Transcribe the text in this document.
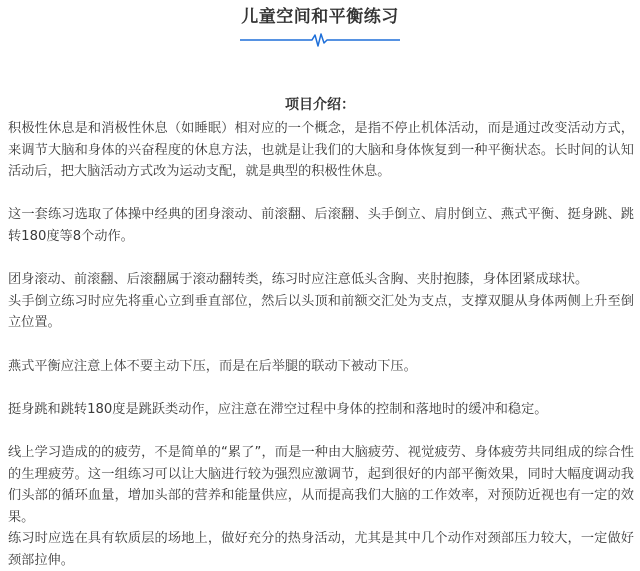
儿童空间和平衡练习
项目介绍：

积极性休息是和消极性休息（如睡眠）相对应的一个概念，是指不停止机体活动，而是通过改变活动方式，来调节大脑和身体的兴奋程度的休息方法，也就是让我们的大脑和身体恢复到一种平衡状态。长时间的认知活动后，把大脑活动方式改为运动支配，就是典型的积极性休息。

这一套练习选取了体操中经典的团身滚动、前滚翻、后滚翻、头手倒立、肩肘倒立、燕式平衡、挺身跳、跳转180度等8个动作。

团身滚动、前滚翻、后滚翻属于滚动翻转类，练习时应注意低头含胸、夹肘抱膝，身体团紧成球状。

头手倒立练习时应先将重心立到垂直部位，然后以头顶和前额交汇处为支点，支撑双腿从身体两侧上升至倒立位置。

燕式平衡应注意上体不要主动下压，而是在后举腿的联动下被动下压。

挺身跳和跳转180度是跳跃类动作，应注意在滞空过程中身体的控制和落地时的缓冲和稳定。

线上学习造成的的疲劳，不是简单的“累了”，而是一种由大脑疲劳、视觉疲劳、身体疲劳共同组成的综合性的生理疲劳。这一组练习可以让大脑进行较为强烈应激调节，起到很好的内部平衡效果，同时大幅度调动我们头部的循环血量，增加头部的营养和能量供应，从而提高我们大脑的工作效率，对预防近视也有一定的效果。

练习时应选在具有软质层的场地上，做好充分的热身活动，尤其是其中几个动作对颈部压力较大，一定做好颈部拉伸。
